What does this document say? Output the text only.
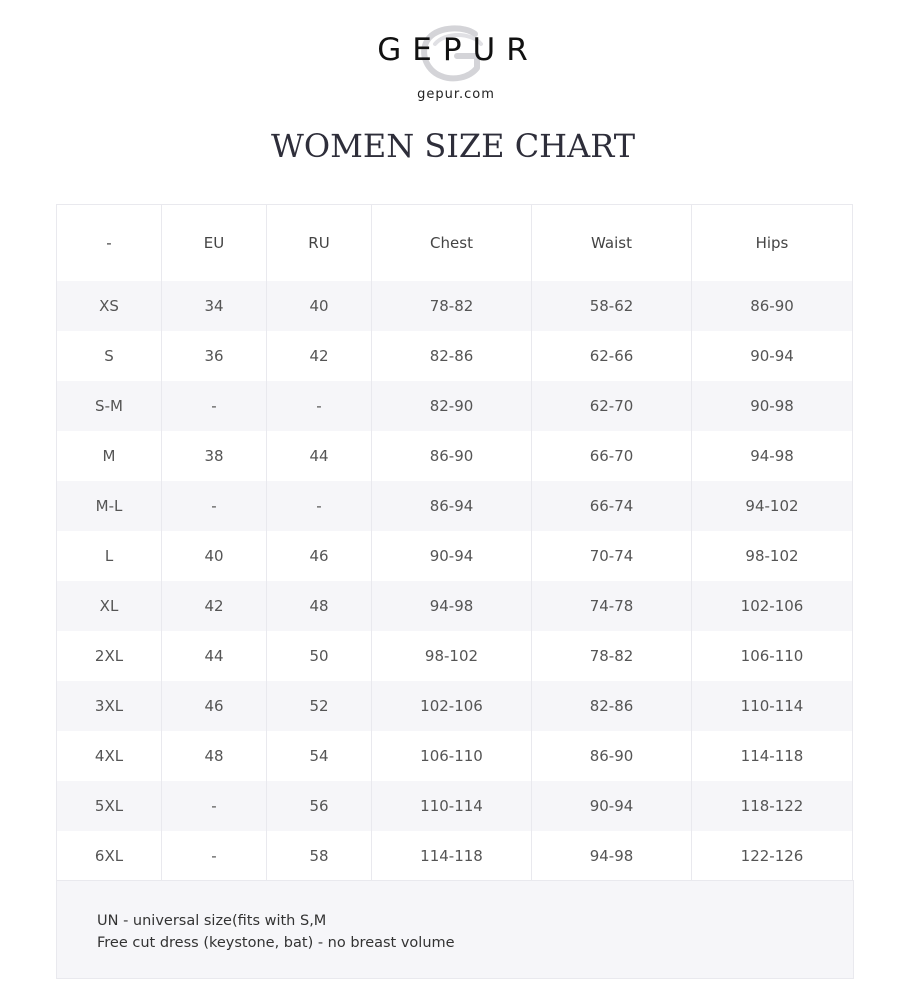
GEPUR
gepur.com
WOMEN SIZE CHART
-	EU	RU	Chest	Waist	Hips
XS	34	40	78-82	58-62	86-90
S	36	42	82-86	62-66	90-94
S-M	-	-	82-90	62-70	90-98
M	38	44	86-90	66-70	94-98
M-L	-	-	86-94	66-74	94-102
L	40	46	90-94	70-74	98-102
XL	42	48	94-98	74-78	102-106
2XL	44	50	98-102	78-82	106-110
3XL	46	52	102-106	82-86	110-114
4XL	48	54	106-110	86-90	114-118
5XL	-	56	110-114	90-94	118-122
6XL	-	58	114-118	94-98	122-126
UN - universal size(fits with S,M
Free cut dress (keystone, bat) - no breast volume
